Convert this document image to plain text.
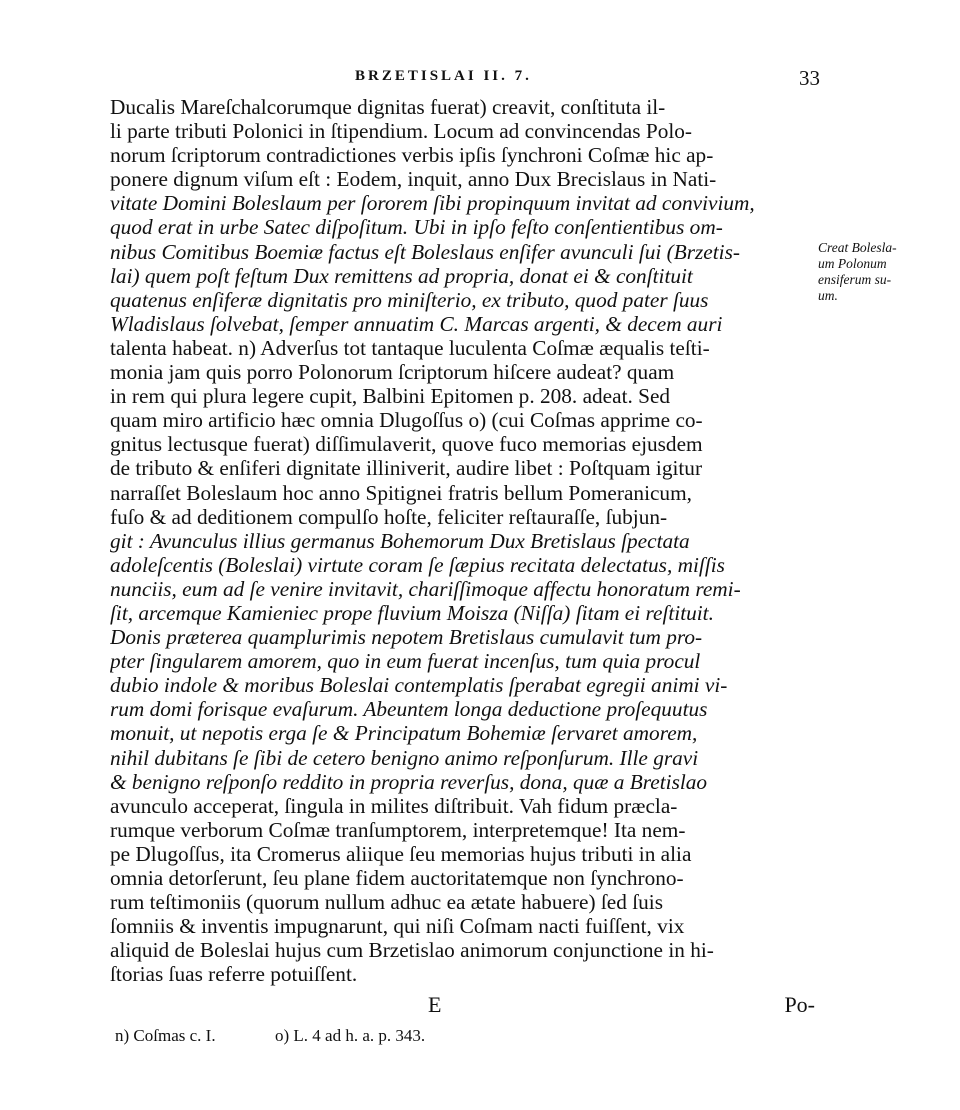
BRZETISLAI II. 7.	33
Ducalis Mareſchalcorumque dignitas fuerat) creavit, conſtituta il-
li parte tributi Polonici in ſtipendium. Locum ad convincendas Polo-
norum ſcriptorum contradictiones verbis ipſis ſynchroni Coſmæ hic ap-
ponere dignum viſum eſt : Eodem, inquit, anno Dux Brecislaus in Nati-
vitate Domini Boleslaum per ſororem ſibi propinquum invitat ad convivium,
quod erat in urbe Satec diſpoſitum. Ubi in ipſo feſto conſentientibus om-
nibus Comitibus Boemiæ factus eſt Boleslaus enſifer avunculi ſui (Brzetis-
lai) quem poſt feſtum Dux remittens ad propria, donat ei & conſtituit
quatenus enſiferæ dignitatis pro miniſterio, ex tributo, quod pater ſuus
Wladislaus ſolvebat, ſemper annuatim C. Marcas argenti, & decem auri
talenta habeat. n) Adverſus tot tantaque luculenta Coſmæ æqualis teſti-
monia jam quis porro Polonorum ſcriptorum hiſcere audeat? quam
in rem qui plura legere cupit, Balbini Epitomen p. 208. adeat. Sed
quam miro artificio hæc omnia Dlugoſſus o) (cui Coſmas apprime co-
gnitus lectusque fuerat) diſſimulaverit, quove fuco memorias ejusdem
de tributo & enſiferi dignitate illiniverit, audire libet : Poſtquam igitur
narraſſet Boleslaum hoc anno Spitignei fratris bellum Pomeranicum,
fuſo & ad deditionem compulſo hoſte, feliciter reſtauraſſe, ſubjun-
git : Avunculus illius germanus Bohemorum Dux Bretislaus ſpectata
adoleſcentis (Boleslai) virtute coram ſe ſæpius recitata delectatus, miſſis
nunciis, eum ad ſe venire invitavit, chariſſimoque affectu honoratum remi-
ſit, arcemque Kamieniec prope fluvium Moisza (Niſſa) ſitam ei reſtituit.
Donis præterea quamplurimis nepotem Bretislaus cumulavit tum pro-
pter ſingularem amorem, quo in eum fuerat incenſus, tum quia procul
dubio indole & moribus Boleslai contemplatis ſperabat egregii animi vi-
rum domi forisque evaſurum. Abeuntem longa deductione proſequutus
monuit, ut nepotis erga ſe & Principatum Bohemiæ ſervaret amorem,
nihil dubitans ſe ſibi de cetero benigno animo reſponſurum. Ille gravi
& benigno reſponſo reddito in propria reverſus, dona, quæ a Bretislao
avunculo acceperat, ſingula in milites diſtribuit. Vah fidum præcla-
rumque verborum Coſmæ tranſumptorem, interpretemque! Ita nem-
pe Dlugoſſus, ita Cromerus aliique ſeu memorias hujus tributi in alia
omnia detorſerunt, ſeu plane fidem auctoritatemque non ſynchrono-
rum teſtimoniis (quorum nullum adhuc ea ætate habuere) ſed ſuis
ſomniis & inventis impugnarunt, qui niſi Coſmam nacti fuiſſent, vix
aliquid de Boleslai hujus cum Brzetislao animorum conjunctione in hi-
ſtorias ſuas referre potuiſſent.
Creat Bolesla-
um Polonum
ensiferum su-
um.
E	Po-
n) Coſmas c. I.	o) L. 4 ad h. a. p. 343.
